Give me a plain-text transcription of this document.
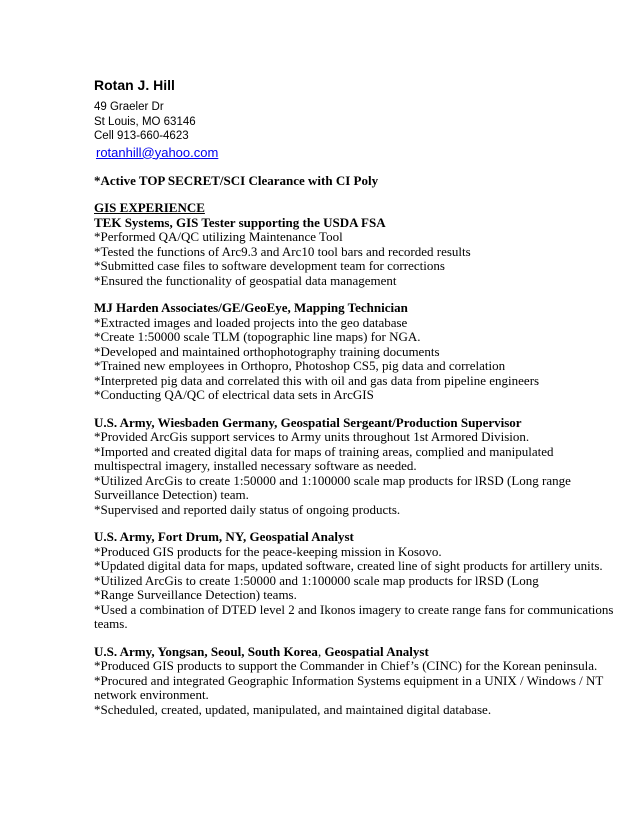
Rotan J. Hill
49 Graeler Dr
St Louis, MO 63146
Cell 913-660-4623
rotanhill@yahoo.com
*Active TOP SECRET/SCI Clearance with CI Poly
GIS EXPERIENCE
TEK Systems, GIS Tester supporting the USDA FSA
*Performed QA/QC utilizing Maintenance Tool
*Tested the functions of Arc9.3 and Arc10 tool bars and recorded results
*Submitted case files to software development team for corrections
*Ensured the functionality of geospatial data management
MJ Harden Associates/GE/GeoEye, Mapping Technician
*Extracted images and loaded projects into the geo database
*Create 1:50000 scale TLM (topographic line maps) for NGA.
*Developed and maintained orthophotography training documents
*Trained new employees in Orthopro, Photoshop CS5, pig data and correlation
*Interpreted pig data and correlated this with oil and gas data from pipeline engineers
*Conducting QA/QC of electrical data sets in ArcGIS
U.S. Army, Wiesbaden Germany, Geospatial Sergeant/Production Supervisor
*Provided ArcGis support services to Army units throughout 1st Armored Division.
*Imported and created digital data for maps of training areas, complied and manipulated multispectral imagery, installed necessary software as needed.
*Utilized ArcGis to create 1:50000 and 1:100000 scale map products for lRSD (Long range Surveillance Detection) team.
*Supervised and reported daily status of ongoing products.
U.S. Army, Fort Drum, NY, Geospatial Analyst
*Produced GIS products for the peace-keeping mission in Kosovo.
*Updated digital data for maps, updated software, created line of sight products for artillery units.
*Utilized ArcGis to create 1:50000 and 1:100000 scale map products for lRSD (Long
*Range Surveillance Detection) teams.
*Used a combination of DTED level 2 and Ikonos imagery to create range fans for communications teams.
U.S. Army, Yongsan, Seoul, South Korea, Geospatial Analyst
*Produced GIS products to support the Commander in Chief’s (CINC) for the Korean peninsula.
*Procured and integrated Geographic Information Systems equipment in a UNIX / Windows / NT network environment.
*Scheduled, created, updated, manipulated, and maintained digital database.
